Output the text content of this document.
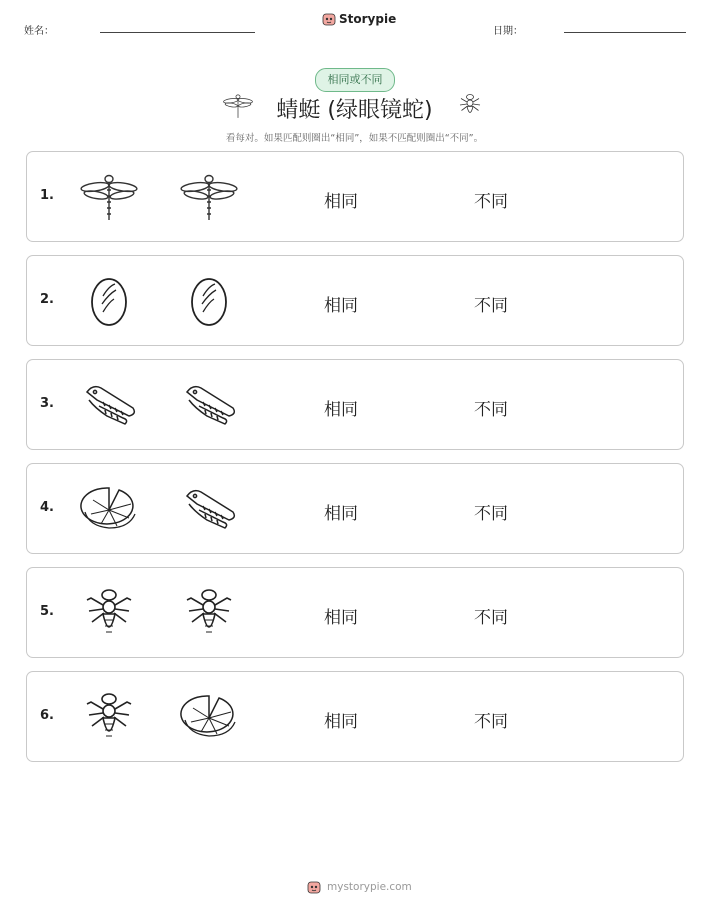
姓名：
Storypie
日期：
相同或不同
蜻蜓 (绿眼镜蛇)
看每对。如果匹配则圈出“相同”，如果不匹配则圈出“不同”。
1.	相同	不同
2.	相同	不同
3.	相同	不同
4.	相同	不同
5.	相同	不同
6.	相同	不同
mystorypie.com
